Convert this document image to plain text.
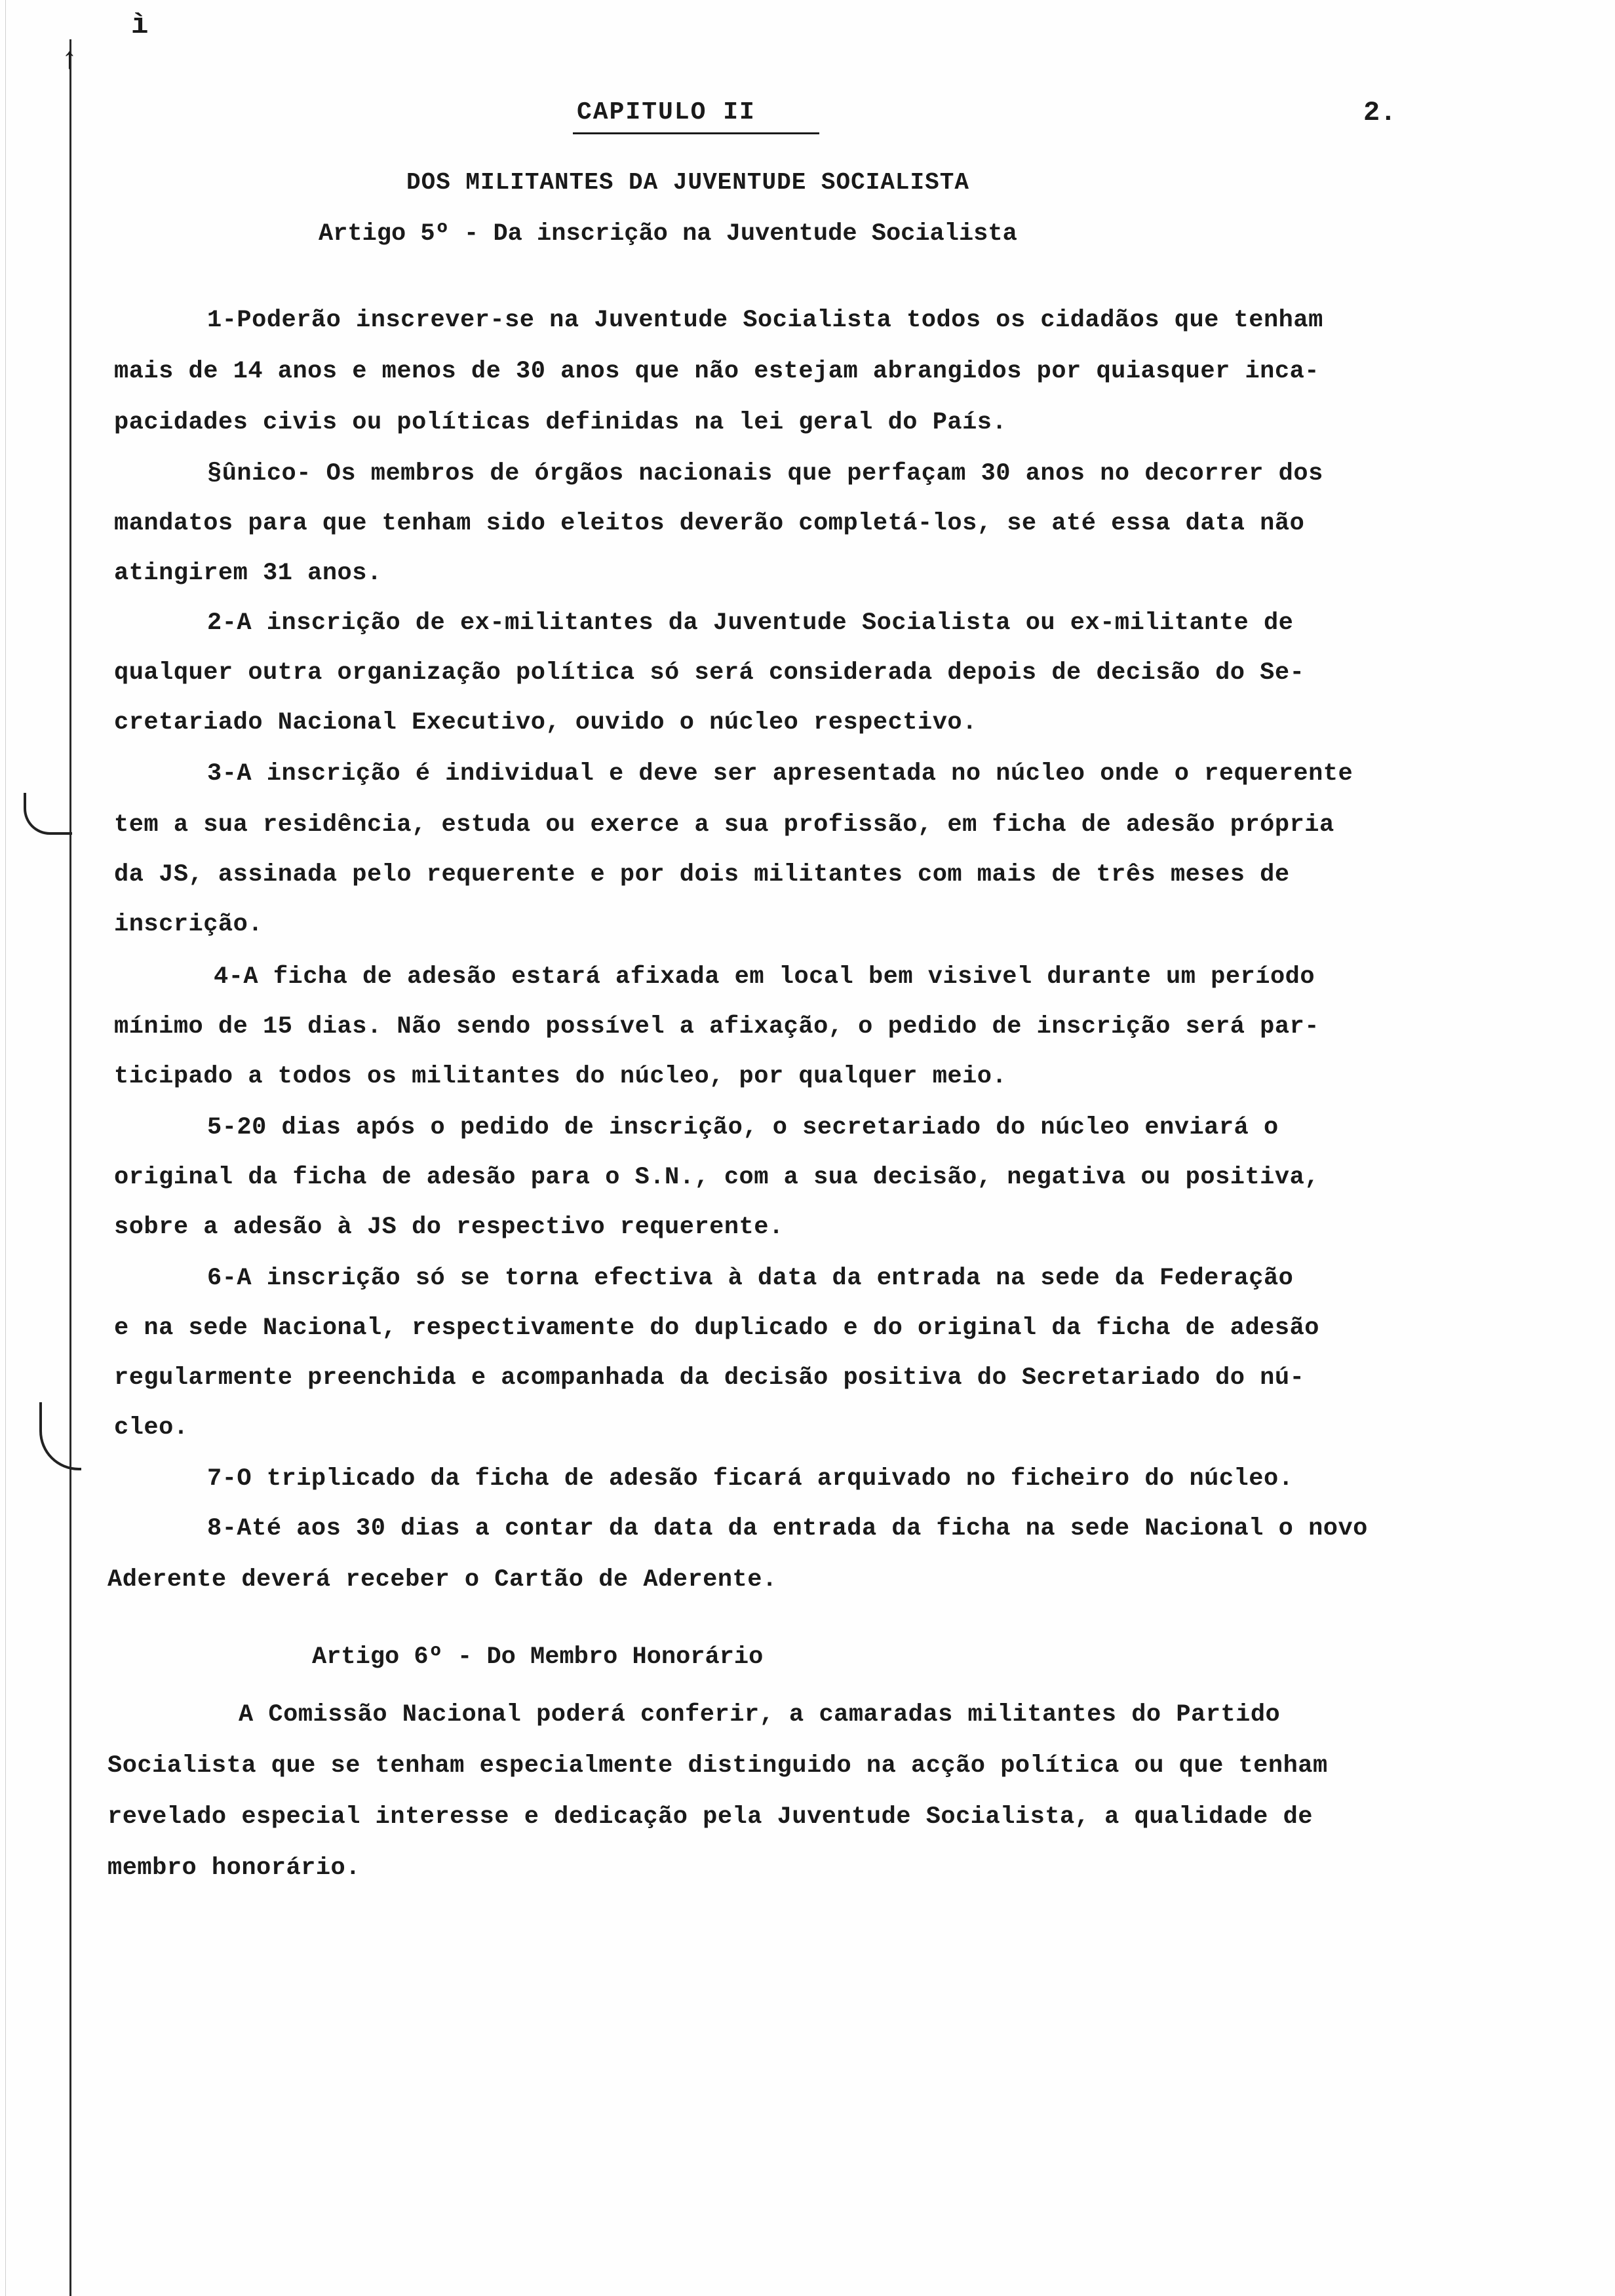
ì
↑
CAPITULO II	2.
DOS MILITANTES DA JUVENTUDE SOCIALISTA
Artigo 5º - Da inscrição na Juventude Socialista
1-Poderão inscrever-se na Juventude Socialista todos os cidadãos que tenham
mais de 14 anos e menos de 30 anos que não estejam abrangidos por quiasquer inca-
pacidades civis ou políticas definidas na lei geral do País.
§ûnico- Os membros de órgãos nacionais que perfaçam 30 anos no decorrer dos
mandatos para que tenham sido eleitos deverão completá-los, se até essa data não
atingirem 31 anos.
2-A inscrição de ex-militantes da Juventude Socialista ou ex-militante de
qualquer outra organização política só será considerada depois de decisão do Se-
cretariado Nacional Executivo, ouvido o núcleo respectivo.
3-A inscrição é individual e deve ser apresentada no núcleo onde o requerente
tem a sua residência, estuda ou exerce a sua profissão, em ficha de adesão própria
da JS, assinada pelo requerente e por dois militantes com mais de três meses de
inscrição.
4-A ficha de adesão estará afixada em local bem visivel durante um período
mínimo de 15 dias. Não sendo possível a afixação, o pedido de inscrição será par-
ticipado a todos os militantes do núcleo, por qualquer meio.
5-20 dias após o pedido de inscrição, o secretariado do núcleo enviará o
original da ficha de adesão para o S.N., com a sua decisão, negativa ou positiva,
sobre a adesão à JS do respectivo requerente.
6-A inscrição só se torna efectiva à data da entrada na sede da Federação
e na sede Nacional, respectivamente do duplicado e do original da ficha de adesão
regularmente preenchida e acompanhada da decisão positiva do Secretariado do nú-
cleo.
7-O triplicado da ficha de adesão ficará arquivado no ficheiro do núcleo.
8-Até aos 30 dias a contar da data da entrada da ficha na sede Nacional o novo
Aderente deverá receber o Cartão de Aderente.
Artigo 6º - Do Membro Honorário
A Comissão Nacional poderá conferir, a camaradas militantes do Partido
Socialista que se tenham especialmente distinguido na acção política ou que tenham
revelado especial interesse e dedicação pela Juventude Socialista, a qualidade de
membro honorário.
